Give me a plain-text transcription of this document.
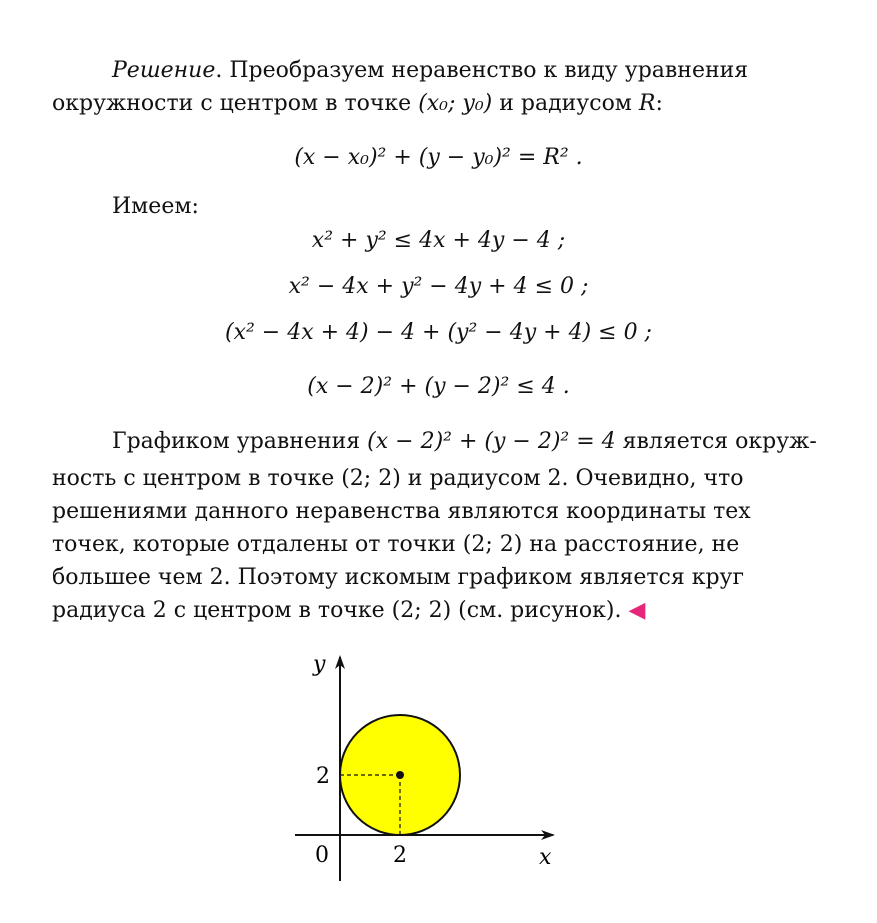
Решение. Преобразуем неравенство к виду уравнения
окружности с центром в точке (x₀; y₀) и радиусом R:
(x − x₀)² + (y − y₀)² = R² .
Имеем:
x² + y² ≤ 4x + 4y − 4 ;
x² − 4x + y² − 4y + 4 ≤ 0 ;
(x² − 4x + 4) − 4 + (y² − 4y + 4) ≤ 0 ;
(x − 2)² + (y − 2)² ≤ 4 .
Графиком уравнения (x − 2)² + (y − 2)² = 4 является окруж-
ность с центром в точке (2; 2) и радиусом 2. Очевидно, что
решениями данного неравенства являются координаты тех
точек, которые отдалены от точки (2; 2) на расстояние, не
большее чем 2. Поэтому искомым графиком является круг
радиуса 2 с центром в точке (2; 2) (см. рисунок). ◀
y
x
0	2
2
